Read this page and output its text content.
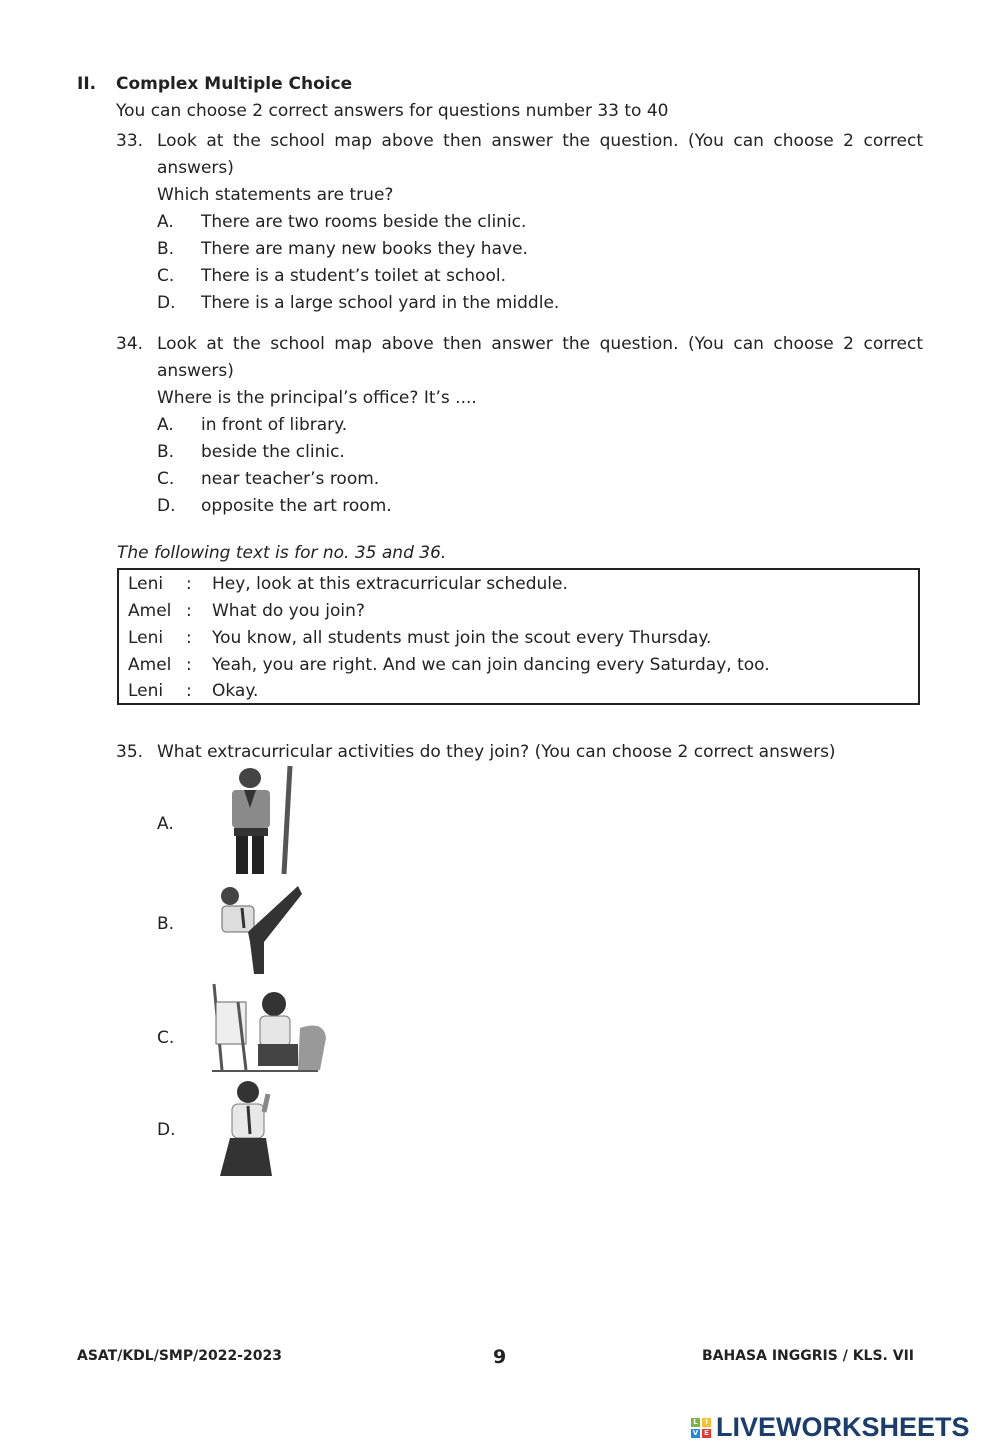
II. Complex Multiple Choice
You can choose 2 correct answers for questions number 33 to 40
33. Look at the school map above then answer the question. (You can choose 2 correct
answers)
Which statements are true?
A. There are two rooms beside the clinic.
B. There are many new books they have.
C. There is a student’s toilet at school.
D. There is a large school yard in the middle.
34. Look at the school map above then answer the question. (You can choose 2 correct
answers)
Where is the principal’s office? It’s ....
A. in front of library.
B. beside the clinic.
C. near teacher’s room.
D. opposite the art room.
The following text is for no. 35 and 36.
Leni : Hey, look at this extracurricular schedule.
Amel : What do you join?
Leni : You know, all students must join the scout every Thursday.
Amel : Yeah, you are right. And we can join dancing every Saturday, too.
Leni : Okay.
35. What extracurricular activities do they join? (You can choose 2 correct answers)
A.
B.
C.
D.
ASAT/KDL/SMP/2022-2023	9	BAHASA INGGRIS / KLS. VII
L IV E LIVEWORKSHEETS
